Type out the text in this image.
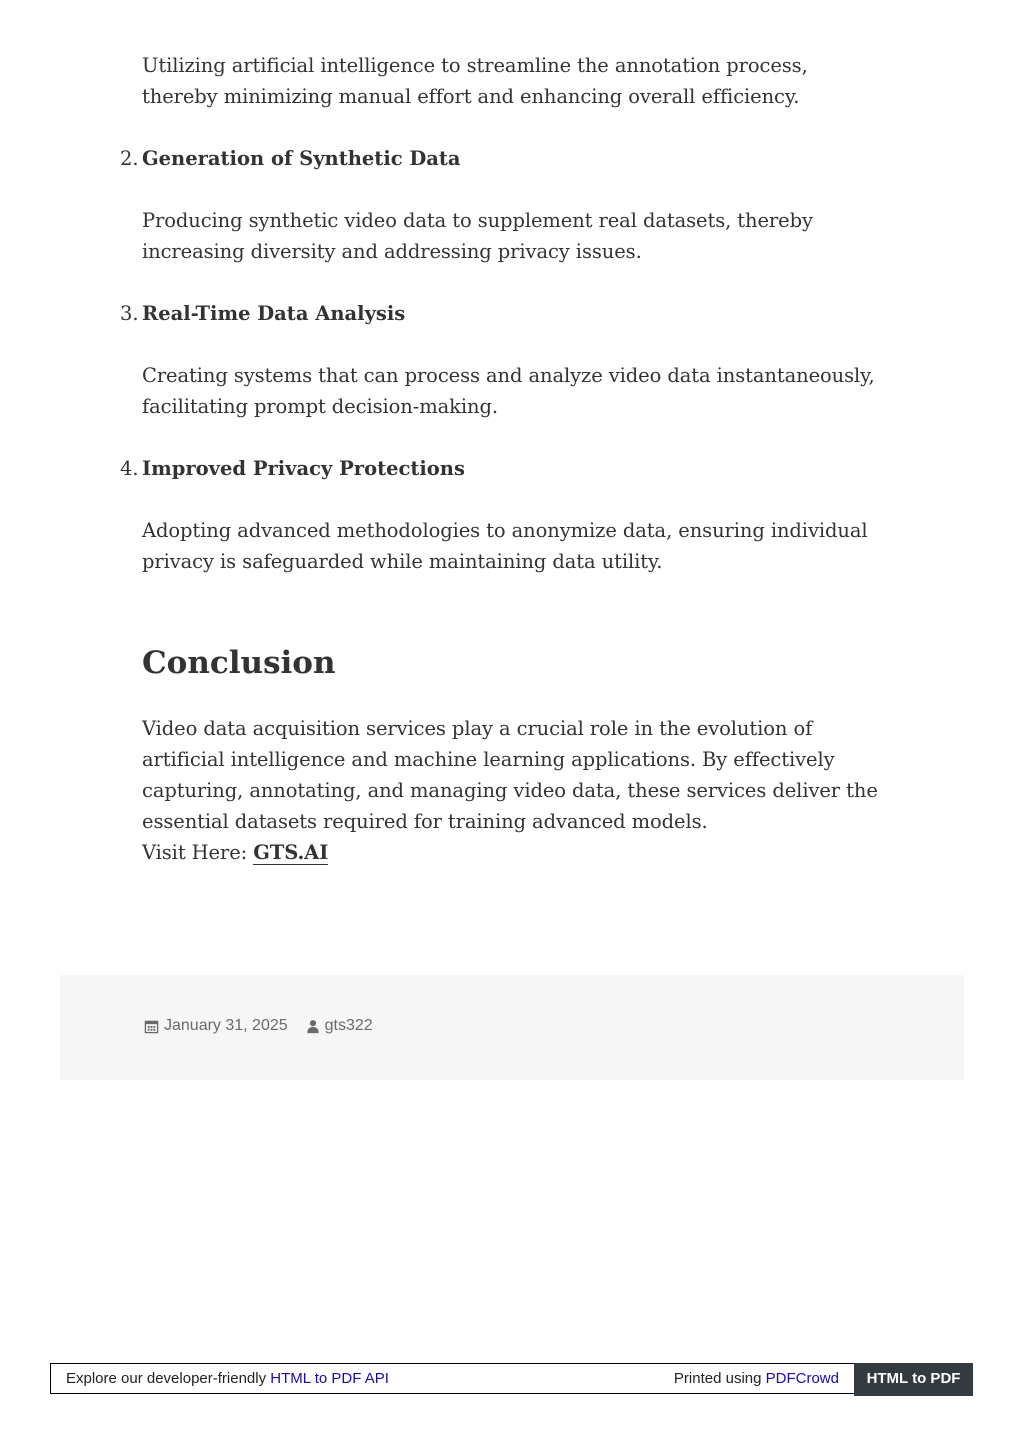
Utilizing artificial intelligence to streamline the annotation process, thereby minimizing manual effort and enhancing overall efficiency.

2. Generation of Synthetic Data

Producing synthetic video data to supplement real datasets, thereby increasing diversity and addressing privacy issues.

3. Real-Time Data Analysis

Creating systems that can process and analyze video data instantaneously, facilitating prompt decision-making.

4. Improved Privacy Protections

Adopting advanced methodologies to anonymize data, ensuring individual privacy is safeguarded while maintaining data utility.

Conclusion

Video data acquisition services play a crucial role in the evolution of artificial intelligence and machine learning applications. By effectively capturing, annotating, and managing video data, these services deliver the essential datasets required for training advanced models.
Visit Here: GTS.AI

January 31, 2025 gts322
Explore our developer-friendly HTML to PDF API	Printed using PDFCrowd	HTML to PDF
